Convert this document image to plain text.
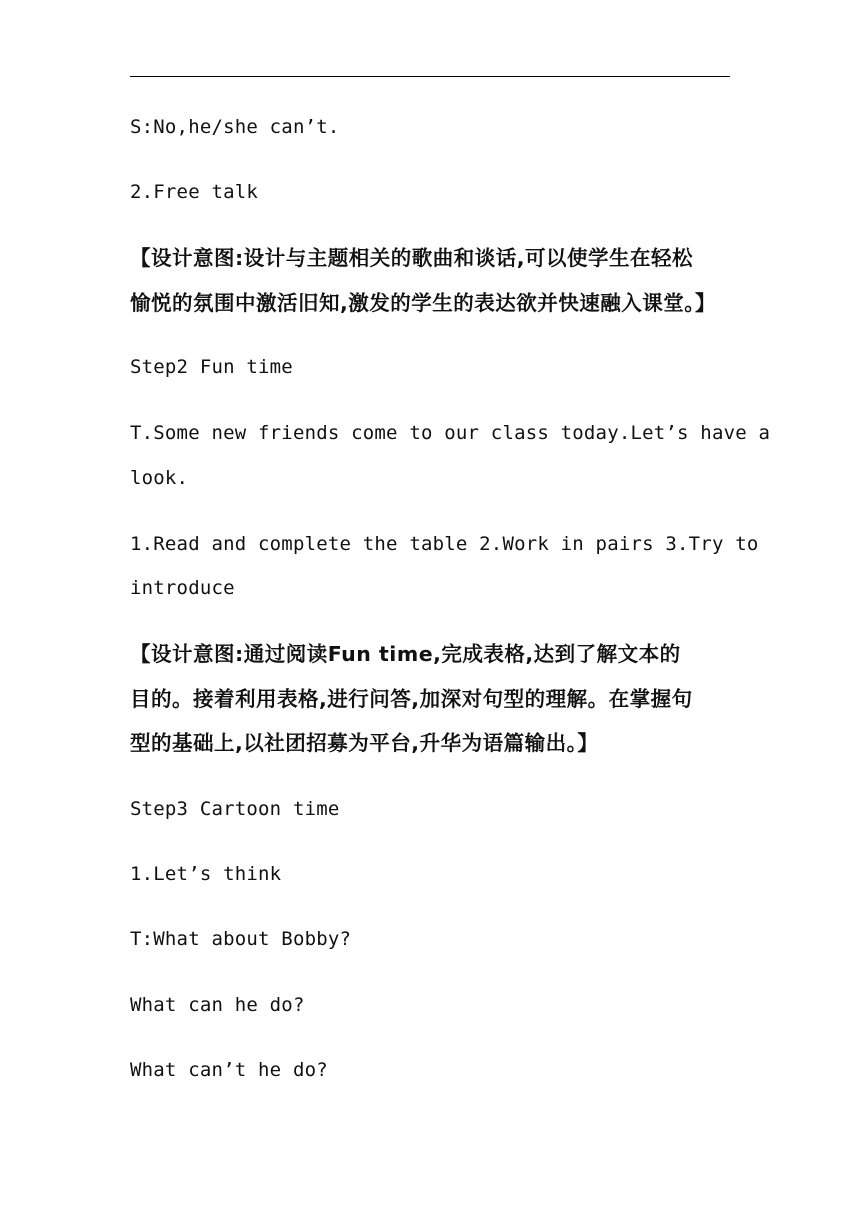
S:No,he/she can’t.
2.Free talk
【设计意图:设计与主题相关的歌曲和谈话,可以使学生在轻松
愉悦的氛围中激活旧知,激发的学生的表达欲并快速融入课堂。】
Step2 Fun time
T.Some new friends come to our class today.Let’s have a
look.
1.Read and complete the table 2.Work in pairs 3.Try to
introduce
【设计意图:通过阅读Fun time,完成表格,达到了解文本的
目的。接着利用表格,进行问答,加深对句型的理解。在掌握句
型的基础上,以社团招募为平台,升华为语篇输出。】
Step3 Cartoon time
1.Let’s think
T:What about Bobby?
What can he do?
What can’t he do?
